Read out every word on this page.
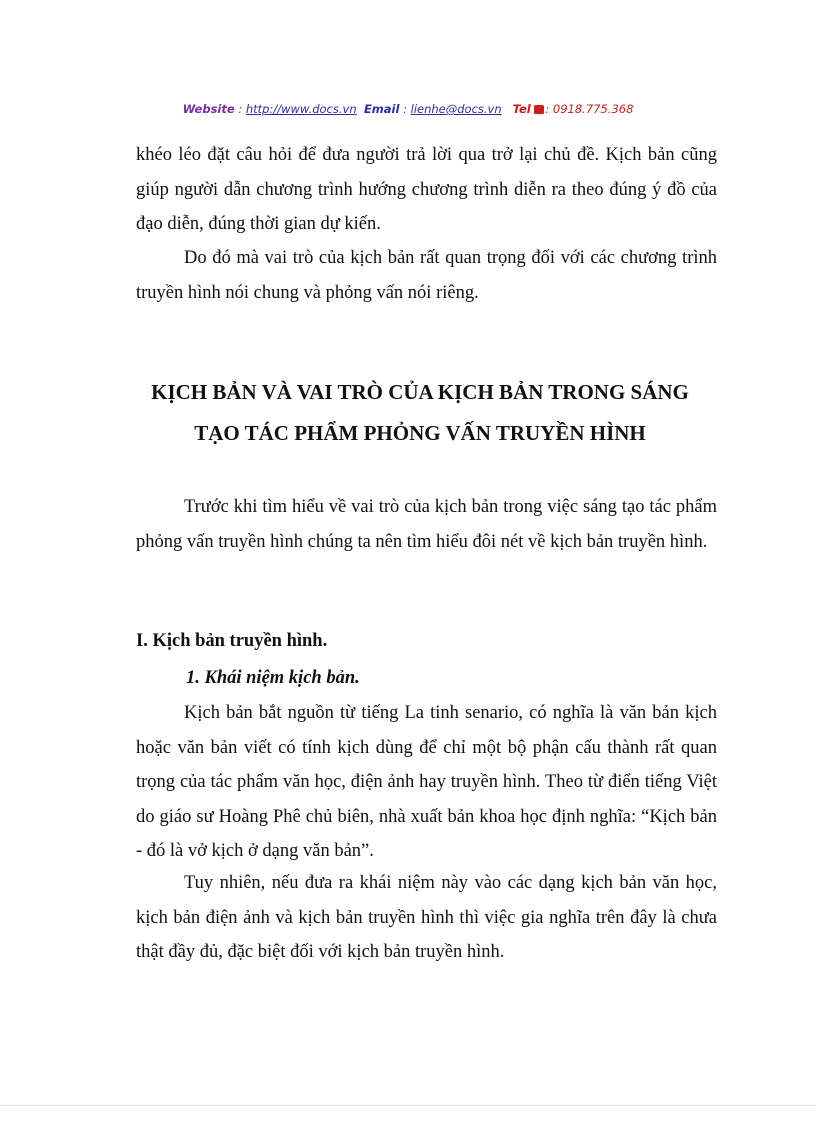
Website : http://www.docs.vn Email : lienhe@docs.vn Tel : 0918.775.368

khéo léo đặt câu hỏi để đưa người trả lời qua trở lại chủ đề. Kịch bản cũng giúp người dẫn chương trình hướng chương trình diễn ra theo đúng ý đồ của đạo diễn, đúng thời gian dự kiến.

Do đó mà vai trò của kịch bản rất quan trọng đối với các chương trình truyền hình nói chung và phỏng vấn nói riêng.

KỊCH BẢN VÀ VAI TRÒ CỦA KỊCH BẢN TRONG SÁNG
TẠO TÁC PHẨM PHỎNG VẤN TRUYỀN HÌNH

Trước khi tìm hiểu về vai trò của kịch bản trong việc sáng tạo tác phẩm phỏng vấn truyền hình chúng ta nên tìm hiểu đôi nét về kịch bản truyền hình.

I. Kịch bản truyền hình.
1. Khái niệm kịch bản.

Kịch bản bắt nguồn từ tiếng La tinh senario, có nghĩa là văn bản kịch hoặc văn bản viết có tính kịch dùng để chỉ một bộ phận cấu thành rất quan trọng của tác phẩm văn học, điện ảnh hay truyền hình. Theo từ điển tiếng Việt do giáo sư Hoàng Phê chủ biên, nhà xuất bản khoa học định nghĩa: “Kịch bản - đó là vở kịch ở dạng văn bản”.

Tuy nhiên, nếu đưa ra khái niệm này vào các dạng kịch bản văn học, kịch bản điện ảnh và kịch bản truyền hình thì việc gia nghĩa trên đây là chưa thật đầy đủ, đặc biệt đối với kịch bản truyền hình.
